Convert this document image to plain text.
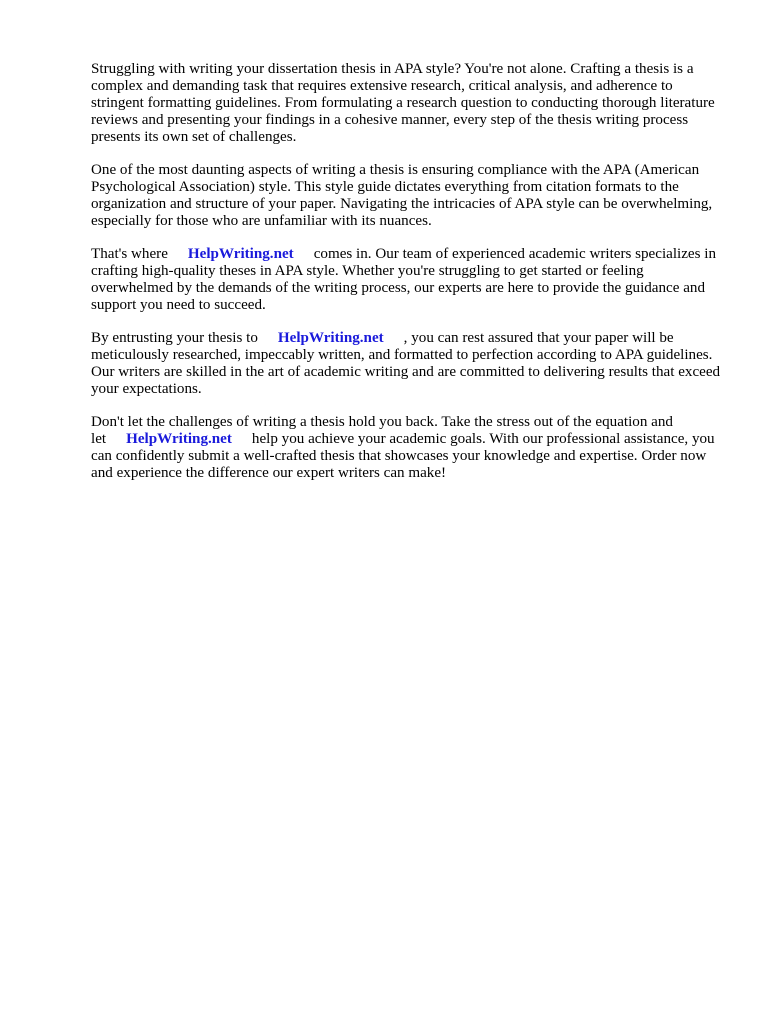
Struggling with writing your dissertation thesis in APA style? You're not alone. Crafting a thesis is a complex and demanding task that requires extensive research, critical analysis, and adherence to stringent formatting guidelines. From formulating a research question to conducting thorough literature reviews and presenting your findings in a cohesive manner, every step of the thesis writing process presents its own set of challenges.

One of the most daunting aspects of writing a thesis is ensuring compliance with the APA (American Psychological Association) style. This style guide dictates everything from citation formats to the organization and structure of your paper. Navigating the intricacies of APA style can be overwhelming, especially for those who are unfamiliar with its nuances.

That's where HelpWriting.net comes in. Our team of experienced academic writers specializes in crafting high-quality theses in APA style. Whether you're struggling to get started or feeling overwhelmed by the demands of the writing process, our experts are here to provide the guidance and support you need to succeed.

By entrusting your thesis to HelpWriting.net , you can rest assured that your paper will be meticulously researched, impeccably written, and formatted to perfection according to APA guidelines. Our writers are skilled in the art of academic writing and are committed to delivering results that exceed your expectations.

Don't let the challenges of writing a thesis hold you back. Take the stress out of the equation and let HelpWriting.net help you achieve your academic goals. With our professional assistance, you can confidently submit a well-crafted thesis that showcases your knowledge and expertise. Order now and experience the difference our expert writers can make!
